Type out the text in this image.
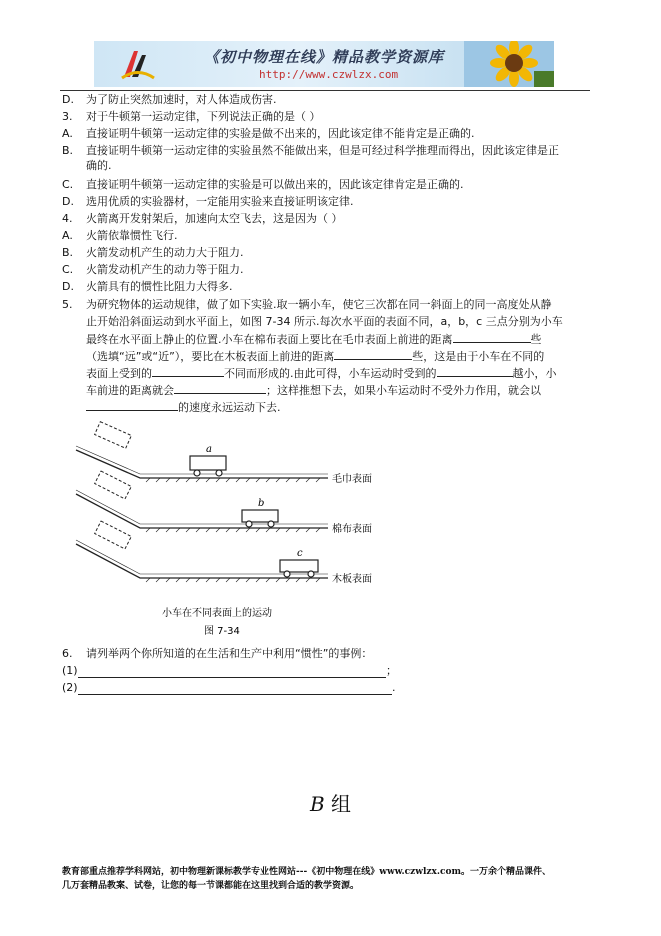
《初中物理在线》精品教学资源库
http://www.czwlzx.com
D. 为了防止突然加速时，对人体造成伤害.
3. 对于牛顿第一运动定律，下列说法正确的是（ ）
A. 直接证明牛顿第一运动定律的实验是做不出来的，因此该定律不能肯定是正确的.
B. 直接证明牛顿第一运动定律的实验虽然不能做出来，但是可经过科学推理而得出，因此该定律是正
确的.
C. 直接证明牛顿第一运动定律的实验是可以做出来的，因此该定律肯定是正确的.
D. 选用优质的实验器材，一定能用实验来直接证明该定律.
4. 火箭离开发射架后，加速向太空飞去，这是因为（ ）
A. 火箭依靠惯性飞行.
B. 火箭发动机产生的动力大于阻力.
C. 火箭发动机产生的动力等于阻力.
D. 火箭具有的惯性比阻力大得多.
5. 为研究物体的运动规律，做了如下实验.取一辆小车，使它三次都在同一斜面上的同一高度处从静
止开始沿斜面运动到水平面上，如图 7-34 所示.每次水平面的表面不同，a，b，c 三点分别为小车
最终在水平面上静止的位置.小车在棉布表面上要比在毛巾表面上前进的距离	些
（选填“远”或“近”），要比在木板表面上前进的距离	些，这是由于小车在不同的
表面上受到的	不同而形成的.由此可得，小车运动时受到的	越小，小
车前进的距离就会	；这样推想下去，如果小车运动时不受外力作用，就会以
的速度永远运动下去.
a
b
c
毛巾表面
棉布表面
木板表面
小车在不同表面上的运动
图 7-34
6. 请列举两个你所知道的在生活和生产中利用“惯性”的事例：
(1)	；
(2)	.
B 组
教育部重点推荐学科网站，初中物理新课标教学专业性网站---《初中物理在线》www.czwlzx.com。一万余个精品课件、
几万套精品教案、试卷，让您的每一节课都能在这里找到合适的教学资源。
